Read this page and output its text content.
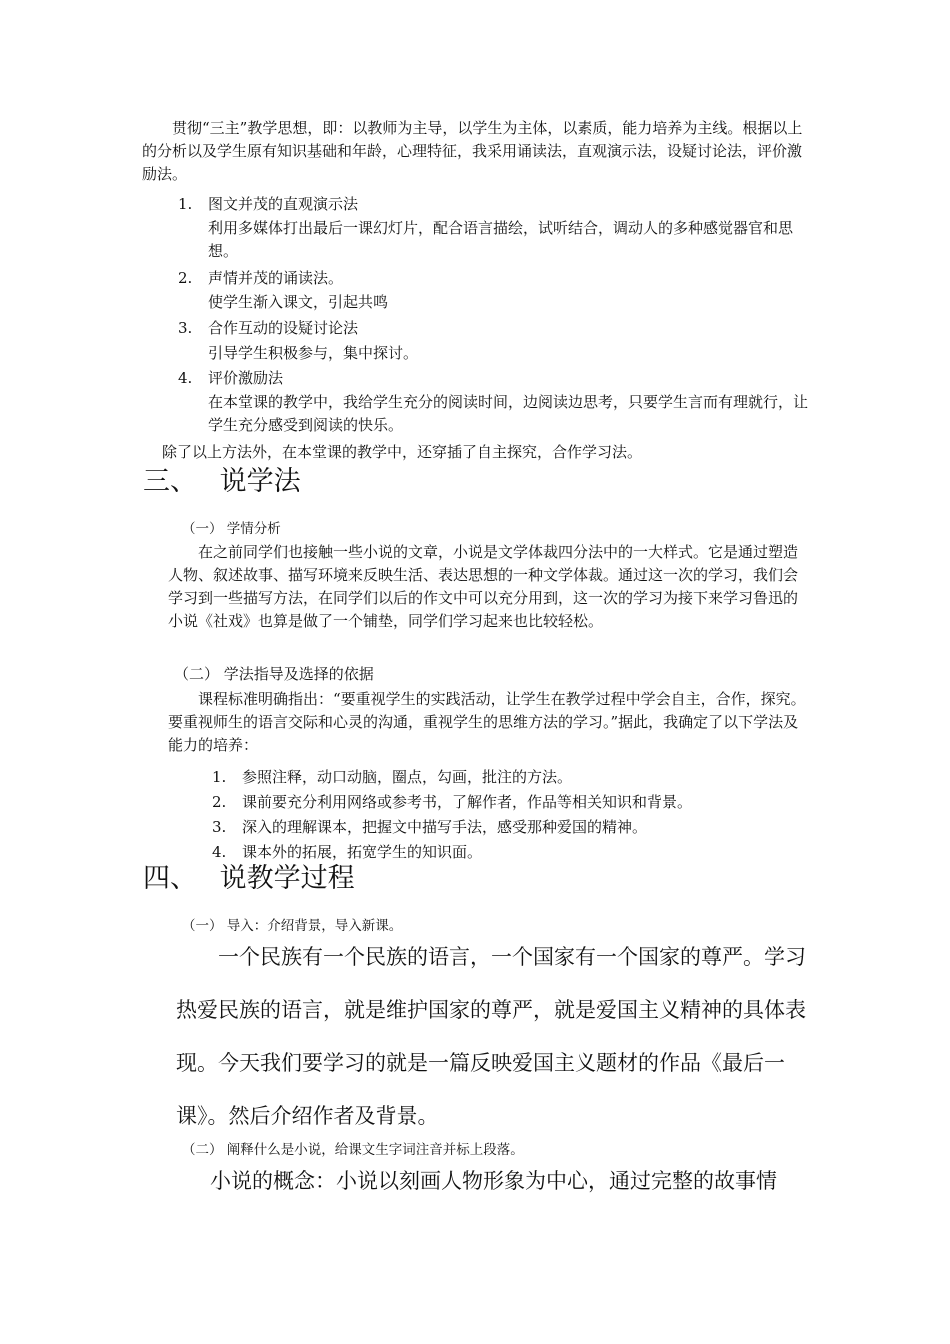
贯彻“三主”教学思想，即：以教师为主导，以学生为主体，以素质，能力培养为主线。根据以上的分析以及学生原有知识基础和年龄，心理特征，我采用诵读法，直观演示法，设疑讨论法，评价激励法。
1. 图文并茂的直观演示法
利用多媒体打出最后一课幻灯片，配合语言描绘，试听结合，调动人的多种感觉器官和思想。
2. 声情并茂的诵读法。
使学生渐入课文，引起共鸣
3. 合作互动的设疑讨论法
引导学生积极参与，集中探讨。
4. 评价激励法
在本堂课的教学中，我给学生充分的阅读时间，边阅读边思考，只要学生言而有理就行，让学生充分感受到阅读的快乐。
除了以上方法外，在本堂课的教学中，还穿插了自主探究，合作学习法。
三、 说学法
（一） 学情分析
在之前同学们也接触一些小说的文章，小说是文学体裁四分法中的一大样式。它是通过塑造人物、叙述故事、描写环境来反映生活、表达思想的一种文学体裁。通过这一次的学习，我们会学习到一些描写方法，在同学们以后的作文中可以充分用到，这一次的学习为接下来学习鲁迅的小说《社戏》也算是做了一个铺垫，同学们学习起来也比较轻松。
（二） 学法指导及选择的依据
课程标准明确指出：“要重视学生的实践活动，让学生在教学过程中学会自主，合作，探究。要重视师生的语言交际和心灵的沟通，重视学生的思维方法的学习。”据此，我确定了以下学法及能力的培养：
1. 参照注释，动口动脑，圈点，勾画，批注的方法。
2. 课前要充分利用网络或参考书，了解作者，作品等相关知识和背景。
3. 深入的理解课本，把握文中描写手法，感受那种爱国的精神。
4. 课本外的拓展，拓宽学生的知识面。
四、 说教学过程
（一） 导入：介绍背景，导入新课。
一个民族有一个民族的语言，一个国家有一个国家的尊严。学习热爱民族的语言，就是维护国家的尊严，就是爱国主义精神的具体表现。今天我们要学习的就是一篇反映爱国主义题材的作品《最后一课》。然后介绍作者及背景。
（二） 阐释什么是小说，给课文生字词注音并标上段落。
小说的概念：小说以刻画人物形象为中心，通过完整的故事情
